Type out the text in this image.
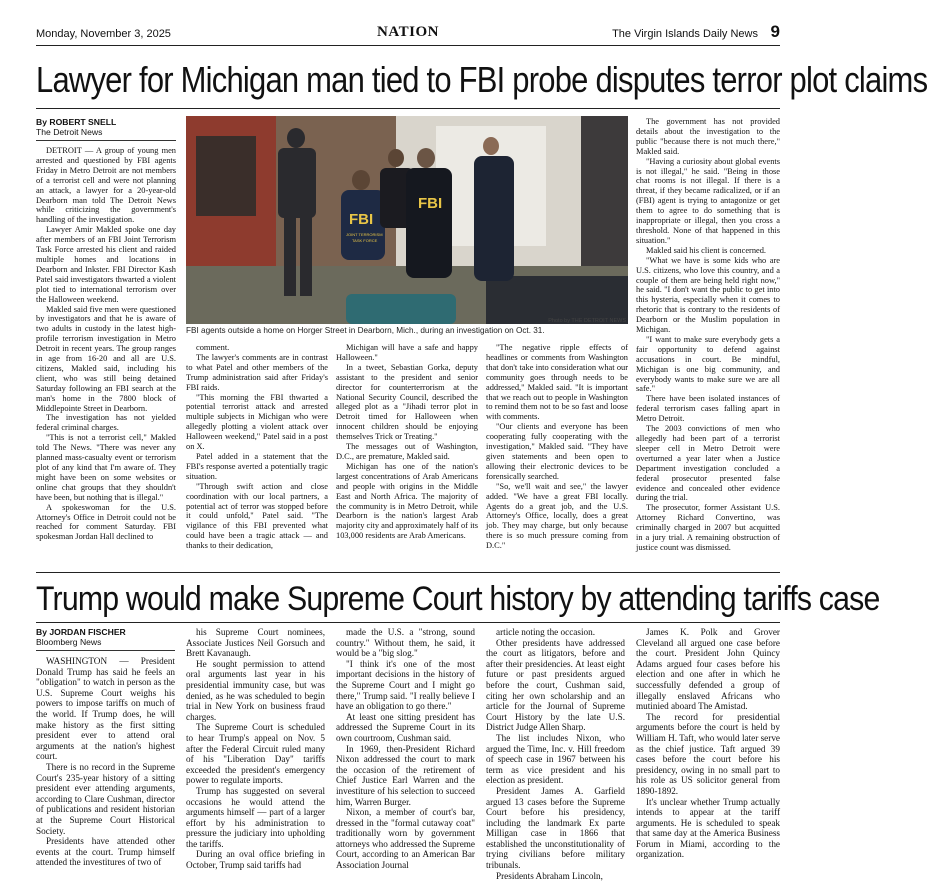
Monday, November 3, 2025	NATION	The Virgin Islands Daily News 9
Lawyer for Michigan man tied to FBI probe disputes terror plot claims
By ROBERT SNELL
The Detroit News

DETROIT — A group of young men arrested and questioned by FBI agents Friday in Metro Detroit are not members of a terrorist cell and were not planning an attack, a lawyer for a 20-year-old Dearborn man told The Detroit News while criticizing the government's handling of the investigation.

Lawyer Amir Makled spoke one day after members of an FBI Joint Terrorism Task Force arrested his client and raided multiple homes and locations in Dearborn and Inkster. FBI Director Kash Patel said investigators thwarted a violent plot tied to international terrorism over the Halloween weekend.

Makled said five men were questioned by investigators and that he is aware of two adults in custody in the latest high-profile terrorism investigation in Metro Detroit in recent years. The group ranges in age from 16-20 and all are U.S. citizens, Makled said, including his client, who was still being detained Saturday following an FBI search at the man's home in the 7800 block of Middlepointe Street in Dearborn.

The investigation has not yielded federal criminal charges.

"This is not a terrorist cell," Makled told The News. "There was never any planned mass-casualty event or terrorism plot of any kind that I'm aware of. They might have been on some websites or online chat groups that they shouldn't have been, but nothing that is illegal."

A spokeswoman for the U.S. Attorney's Office in Detroit could not be reached for comment Saturday. FBI spokesman Jordan Hall declined to

FBI
JOINT TERRORISM
TASK FORCE
FBI
Photo by THE DETROIT NEWS
FBI agents outside a home on Horger Street in Dearborn, Mich., during an investigation on Oct. 31.

comment.

The lawyer's comments are in contrast to what Patel and other members of the Trump administration said after Friday's FBI raids.

"This morning the FBI thwarted a potential terrorist attack and arrested multiple subjects in Michigan who were allegedly plotting a violent attack over Halloween weekend," Patel said in a post on X.

Patel added in a statement that the FBI's response averted a potentially tragic situation.

"Through swift action and close coordination with our local partners, a potential act of terror was stopped before it could unfold," Patel said. "The vigilance of this FBI prevented what could have been a tragic attack — and thanks to their dedication,

Michigan will have a safe and happy Halloween."

In a tweet, Sebastian Gorka, deputy assistant to the president and senior director for counterterrorism at the National Security Council, described the alleged plot as a "Jihadi terror plot in Detroit timed for Halloween when innocent children should be enjoying themselves Trick or Treating."

The messages out of Washington, D.C., are premature, Makled said.

Michigan has one of the nation's largest concentrations of Arab Americans and people with origins in the Middle East and North Africa. The majority of the community is in Metro Detroit, while Dearborn is the nation's largest Arab majority city and approximately half of its 103,000 residents are Arab Americans.

"The negative ripple effects of headlines or comments from Washington that don't take into consideration what our community goes through needs to be addressed," Makled said. "It is important that we reach out to people in Washington to remind them not to be so fast and loose with comments.

"Our clients and everyone has been cooperating fully cooperating with the investigation," Makled said. "They have given statements and been open to allowing their electronic devices to be forensically searched.

"So, we'll wait and see," the lawyer added. "We have a great FBI locally. Agents do a great job, and the U.S. Attorney's Office, locally, does a great job. They may charge, but only because there is so much pressure coming from D.C."

The government has not provided details about the investigation to the public "because there is not much there," Makled said.

"Having a curiosity about global events is not illegal," he said. "Being in those chat rooms is not illegal. If there is a threat, if they became radicalized, or if an (FBI) agent is trying to antagonize or get them to agree to do something that is inappropriate or illegal, then you cross a threshold. None of that happened in this situation."

Makled said his client is concerned.

"What we have is some kids who are U.S. citizens, who love this country, and a couple of them are being held right now," he said. "I don't want the public to get into this hysteria, especially when it comes to rhetoric that is contrary to the residents of Dearborn or the Muslim population in Michigan.

"I want to make sure everybody gets a fair opportunity to defend against accusations in court. Be mindful, Michigan is one big community, and everybody wants to make sure we are all safe."

There have been isolated instances of federal terrorism cases falling apart in Metro Detroit.

The 2003 convictions of men who allegedly had been part of a terrorist sleeper cell in Metro Detroit were overturned a year later when a Justice Department investigation concluded a federal prosecutor presented false evidence and concealed other evidence during the trial.

The prosecutor, former Assistant U.S. Attorney Richard Convertino, was criminally charged in 2007 but acquitted in a jury trial. A remaining obstruction of justice count was dismissed.

Trump would make Supreme Court history by attending tariffs case
By JORDAN FISCHER
Bloomberg News

WASHINGTON — President Donald Trump has said he feels an "obligation" to watch in person as the U.S. Supreme Court weighs his powers to impose tariffs on much of the world. If Trump does, he will make history as the first sitting president ever to attend oral arguments at the nation's highest court.

There is no record in the Supreme Court's 235-year history of a sitting president ever attending arguments, according to Clare Cushman, director of publications and resident historian at the Supreme Court Historical Society.

Presidents have attended other events at the court. Trump himself attended the investitures of two of

his Supreme Court nominees, Associate Justices Neil Gorsuch and Brett Kavanaugh.

He sought permission to attend oral arguments last year in his presidential immunity case, but was denied, as he was scheduled to begin trial in New York on business fraud charges.

The Supreme Court is scheduled to hear Trump's appeal on Nov. 5 after the Federal Circuit ruled many of his "Liberation Day" tariffs exceeded the president's emergency power to regulate imports.

Trump has suggested on several occasions he would attend the arguments himself — part of a larger effort by his administration to pressure the judiciary into upholding the tariffs.

During an oval office briefing in October, Trump said tariffs had

made the U.S. a "strong, sound country." Without them, he said, it would be a "big slog."

"I think it's one of the most important decisions in the history of the Supreme Court and I might go there," Trump said. "I really believe I have an obligation to go there."

At least one sitting president has addressed the Supreme Court in its own courtroom, Cushman said.

In 1969, then-President Richard Nixon addressed the court to mark the occasion of the retirement of Chief Justice Earl Warren and the investiture of his selection to succeed him, Warren Burger.

Nixon, a member of court's bar, dressed in the "formal cutaway coat" traditionally worn by government attorneys who addressed the Supreme Court, according to an American Bar Association Journal

article noting the occasion.

Other presidents have addressed the court as litigators, before and after their presidencies. At least eight future or past presidents argued before the court, Cushman said, citing her own scholarship and an article for the Journal of Supreme Court History by the late U.S. District Judge Allen Sharp.

The list includes Nixon, who argued the Time, Inc. v. Hill freedom of speech case in 1967 between his term as vice president and his election as president.

President James A. Garfield argued 13 cases before the Supreme Court before his presidency, including the landmark Ex parte Milligan case in 1866 that established the unconstitutionality of trying civilians before military tribunals.

Presidents Abraham Lincoln,

James K. Polk and Grover Cleveland all argued one case before the court. President John Quincy Adams argued four cases before his election and one after in which he successfully defended a group of illegally enslaved Africans who mutinied aboard The Amistad.

The record for presidential arguments before the court is held by William H. Taft, who would later serve as the chief justice. Taft argued 39 cases before the court before his presidency, owing in no small part to his role as US solicitor general from 1890-1892.

It's unclear whether Trump actually intends to appear at the tariff arguments. He is scheduled to speak that same day at the America Business Forum in Miami, according to the organization.
